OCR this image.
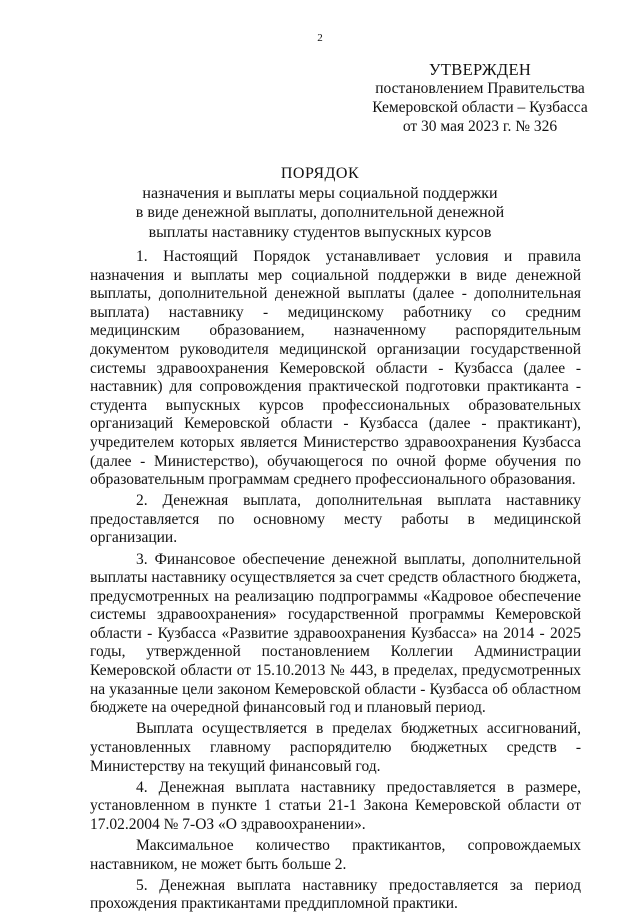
2
УТВЕРЖДЕН
постановлением Правительства
Кемеровской области – Кузбасса
от 30 мая 2023 г. № 326
ПОРЯДОК
назначения и выплаты меры социальной поддержки
в виде денежной выплаты, дополнительной денежной
выплаты наставнику студентов выпускных курсов

1. Настоящий Порядок устанавливает условия и правила назначения и выплаты мер социальной поддержки в виде денежной выплаты, дополнительной денежной выплаты (далее - дополнительная выплата) наставнику - медицинскому работнику со средним медицинским образованием, назначенному распорядительным документом руководителя медицинской организации государственной системы здравоохранения Кемеровской области - Кузбасса (далее - наставник) для сопровождения практической подготовки практиканта - студента выпускных курсов профессиональных образовательных организаций Кемеровской области - Кузбасса (далее - практикант), учредителем которых является Министерство здравоохранения Кузбасса (далее - Министерство), обучающегося по очной форме обучения по образовательным программам среднего профессионального образования.

2. Денежная выплата, дополнительная выплата наставнику предоставляется по основному месту работы в медицинской организации.

3. Финансовое обеспечение денежной выплаты, дополнительной выплаты наставнику осуществляется за счет средств областного бюджета, предусмотренных на реализацию подпрограммы «Кадровое обеспечение системы здравоохранения» государственной программы Кемеровской области - Кузбасса «Развитие здравоохранения Кузбасса» на 2014 - 2025 годы, утвержденной постановлением Коллегии Администрации Кемеровской области от 15.10.2013 № 443, в пределах, предусмотренных на указанные цели законом Кемеровской области - Кузбасса об областном бюджете на очередной финансовый год и плановый период.

Выплата осуществляется в пределах бюджетных ассигнований, установленных главному распорядителю бюджетных средств - Министерству на текущий финансовый год.

4. Денежная выплата наставнику предоставляется в размере, установленном в пункте 1 статьи 21-1 Закона Кемеровской области от 17.02.2004 № 7-ОЗ «О здравоохранении».

Максимальное количество практикантов, сопровождаемых наставником, не может быть больше 2.

5. Денежная выплата наставнику предоставляется за период прохождения практикантами преддипломной практики.
